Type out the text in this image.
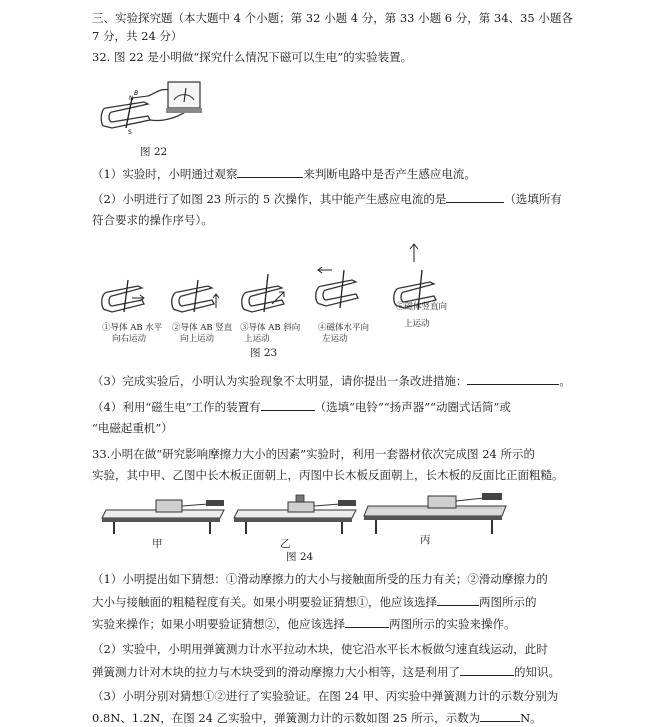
三、实验探究题（本大题中 4 个小题；第 32 小题 4 分，第 33 小题 6 分，第 34、35 小题各
7 分，共 24 分）
32. 图 22 是小明做“探究什么情况下磁可以生电”的实验装置。
N
S
B
图 22
（1）实验时，小明通过观察	来判断电路中是否产生感应电流。
（2）小明进行了如图 23 所示的 5 次操作，其中能产生感应电流的是	（选填所有
符合要求的操作序号）。
①导体 AB 水平
向右运动
②导体 AB 竖直
向上运动
③导体 AB 斜向
上运动
④磁体水平向
左运动
⑤磁体竖直向
上运动
图 23
（3）完成实验后，小明认为实验现象不太明显，请你提出一条改进措施：	。
（4）利用“磁生电”工作的装置有	（选填“电铃”“扬声器”“动圈式话筒”或
“电磁起重机”）
33.小明在做“研究影响摩擦力大小的因素”实验时，利用一套器材依次完成图 24 所示的
实验，其中甲、乙图中长木板正面朝上，丙图中长木板反面朝上，长木板的反面比正面粗糙。
甲	乙	丙
图 24
（1）小明提出如下猜想：①滑动摩擦力的大小与接触面所受的压力有关；②滑动摩擦力的
大小与接触面的粗糙程度有关。如果小明要验证猜想①，他应该选择	两图所示的
实验来操作；如果小明要验证猜想②，他应该选择	两图所示的实验来操作。
（2）实验中，小明用弹簧测力计水平拉动木块，使它沿水平长木板做匀速直线运动，此时
弹簧测力计对木块的拉力与木块受到的滑动摩擦力大小相等，这是利用了	的知识。
（3）小明分别对猜想①②进行了实验验证。在图 24 甲、丙实验中弹簧测力计的示数分别为
0.8N、1.2N，在图 24 乙实验中，弹簧测力计的示数如图 25 所示，示数为	N。
